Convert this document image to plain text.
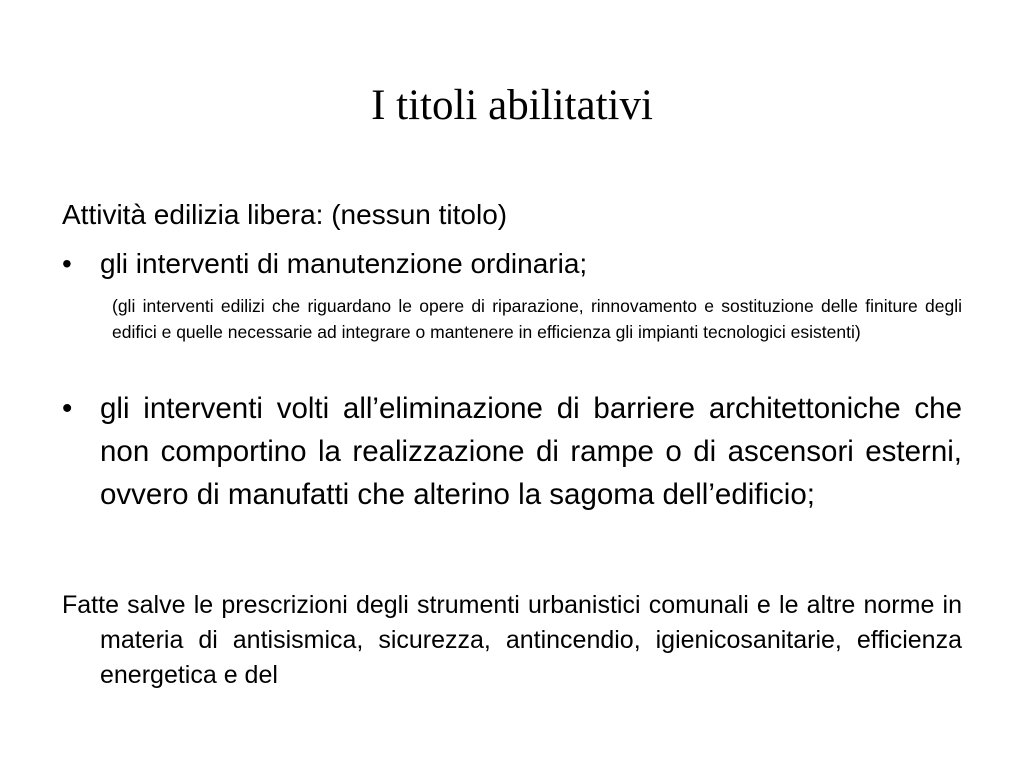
I titoli abilitativi

Attività edilizia libera: (nessun titolo)

• gli interventi di manutenzione ordinaria;
(gli interventi edilizi che riguardano le opere di riparazione, rinnovamento e sostituzione delle finiture degli edifici e quelle necessarie ad integrare o mantenere in efficienza gli impianti tecnologici esistenti)
• gli interventi volti all’eliminazione di barriere architettoniche che non comportino la realizzazione di rampe o di ascensori esterni, ovvero di manufatti che alterino la sagoma dell’edificio;

Fatte salve le prescrizioni degli strumenti urbanistici comunali e le altre norme in materia di antisismica, sicurezza, antincendio, igienicosanitarie, efficienza energetica e del
